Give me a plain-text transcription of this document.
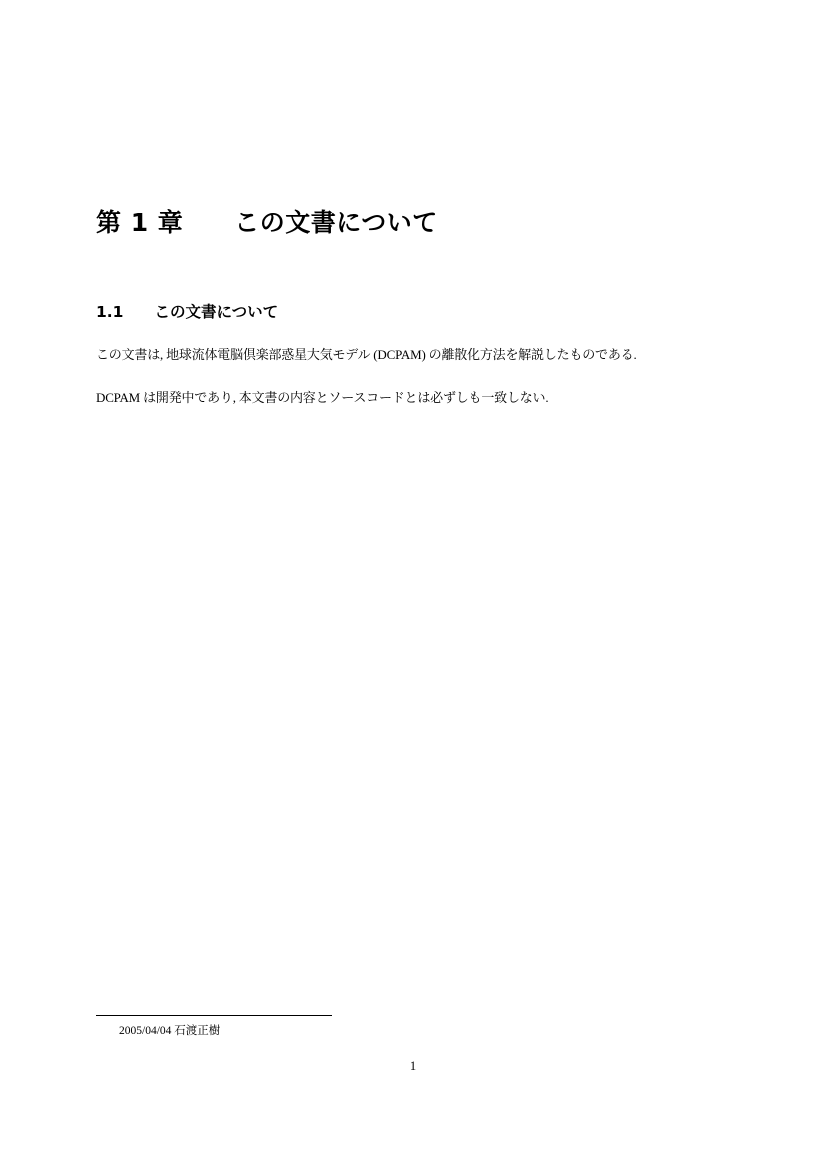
第 1 章　　この文書について
1.1　　この文書について

この文書は, 地球流体電脳倶楽部惑星大気モデル (DCPAM) の離散化方法を解説したものである.

DCPAM は開発中であり, 本文書の内容とソースコードとは必ずしも一致しない.

2005/04/04 石渡正樹
1
